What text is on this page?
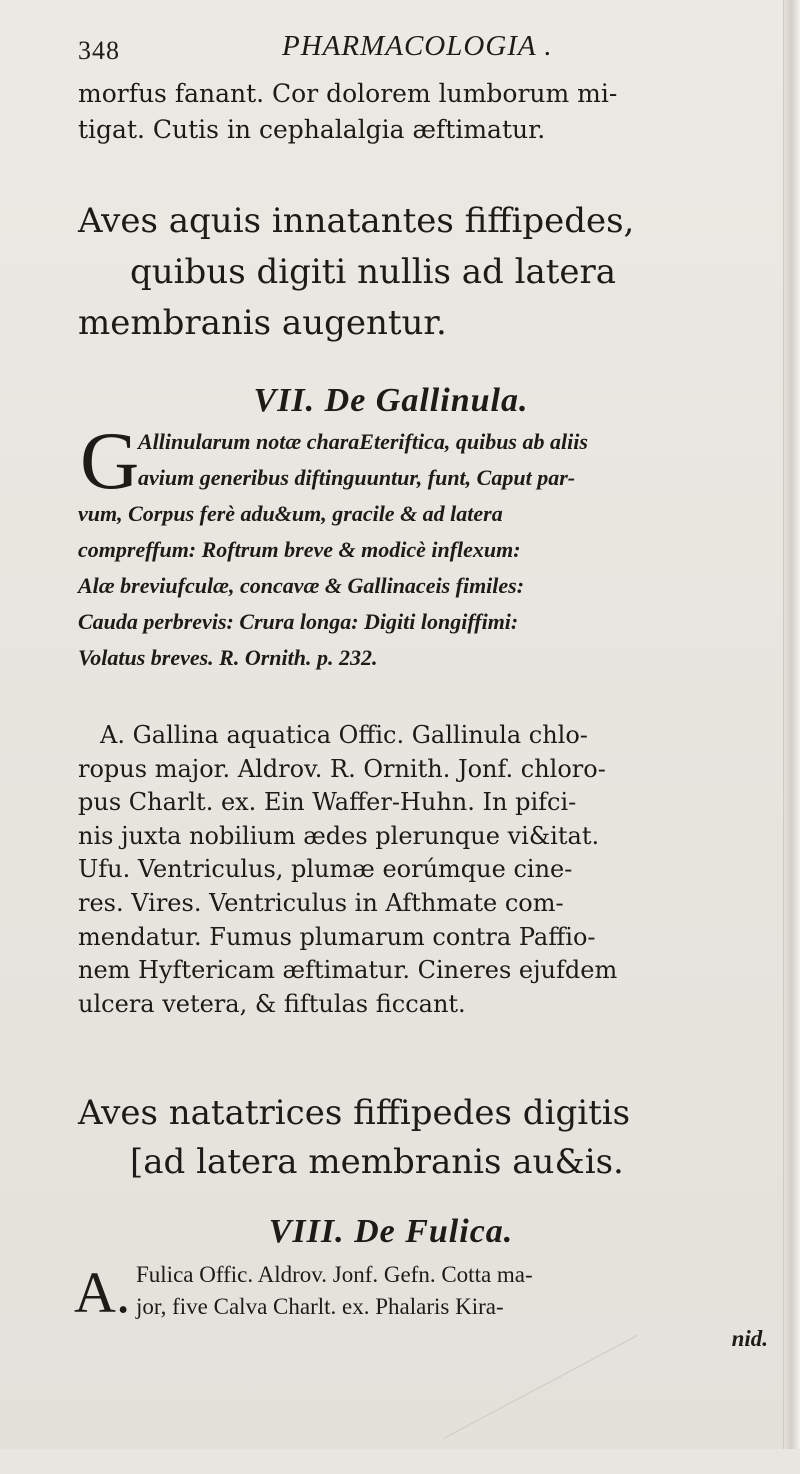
348	PHARMACOLOGIA .
morfus fanant. Cor dolorem lumborum mi-
tigat. Cutis in cephalalgia æftimatur.
Aves aquis innatantes fiffipedes,
quibus digiti nullis ad latera
membranis augentur.
VII. De Gallinula.
G
Allinularum notæ charaEteriftica, quibus ab aliis
avium generibus diftinguuntur, funt, Caput par-
vum, Corpus ferè adu&um, gracile & ad latera
compreffum: Roftrum breve & modicè inflexum:
Alæ breviufculæ, concavæ & Gallinaceis fimiles:
Cauda perbrevis: Crura longa: Digiti longiffimi:
Volatus breves. R. Ornith. p. 232.
A. Gallina aquatica Offic. Gallinula chlo-
ropus major. Aldrov. R. Ornith. Jonf. chloro-
pus Charlt. ex. Ein Waffer-Huhn. In pifci-
nis juxta nobilium ædes plerunque vi&itat.
Ufu. Ventriculus, plumæ eorúmque cine-
res. Vires. Ventriculus in Afthmate com-
mendatur. Fumus plumarum contra Paffio-
nem Hyftericam æftimatur. Cineres ejufdem
ulcera vetera, & fiftulas ficcant.
Aves natatrices fiffipedes digitis
[ad latera membranis au&is.
VIII. De Fulica.
A. Fulica Offic. Aldrov. Jonf. Gefn. Cotta ma-
jor, five Calva Charlt. ex. Phalaris Kira-
nid.
